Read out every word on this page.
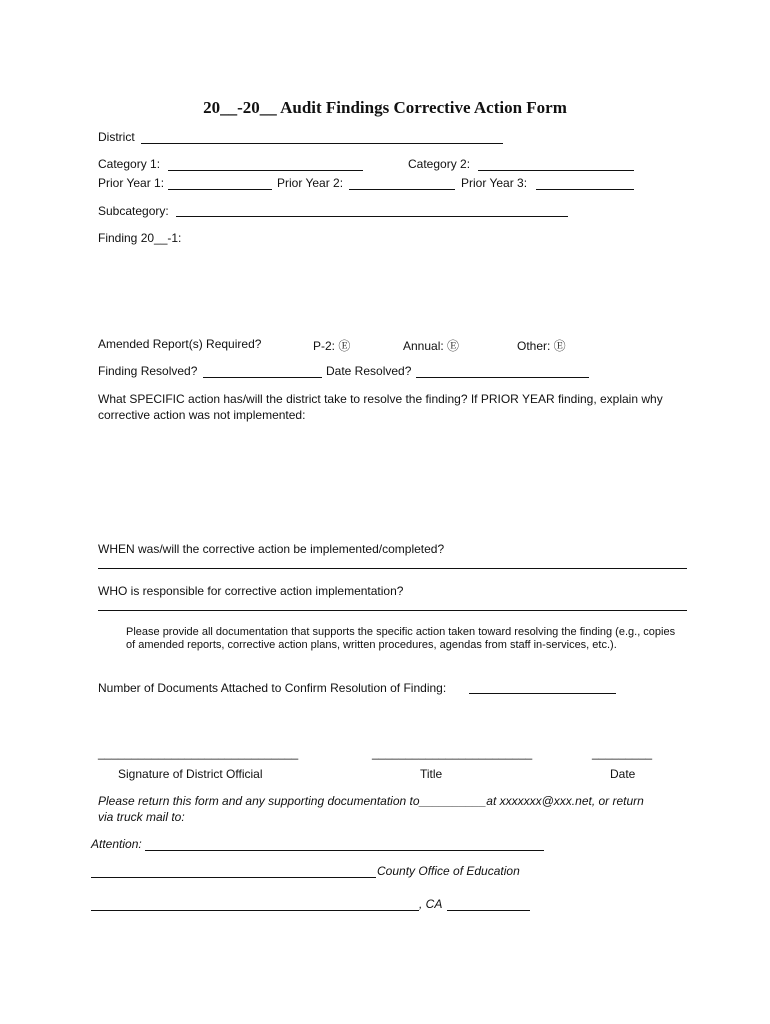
20__-20__ Audit Findings Corrective Action Form
District
Category 1:	Category 2:
Prior Year 1:	Prior Year 2:	Prior Year 3:
Subcategory:
Finding 20__-1:
Amended Report(s) Required?	P-2: Ⓔ	Annual: Ⓔ	Other: Ⓔ
Finding Resolved?	Date Resolved?
What SPECIFIC action has/will the district take to resolve the finding? If PRIOR YEAR finding, explain why corrective action was not implemented:
WHEN was/will the corrective action be implemented/completed?
WHO is responsible for corrective action implementation?
Please provide all documentation that supports the specific action taken toward resolving the finding (e.g., copies of amended reports, corrective action plans, written procedures, agendas from staff in-services, etc.).
Number of Documents Attached to Confirm Resolution of Finding:
______________________________	________________________	_________
Signature of District Official	Title	Date
Please return this form and any supporting documentation to__________at xxxxxxx@xxx.net, or return
via truck mail to:
Attention:
County Office of Education
, CA
